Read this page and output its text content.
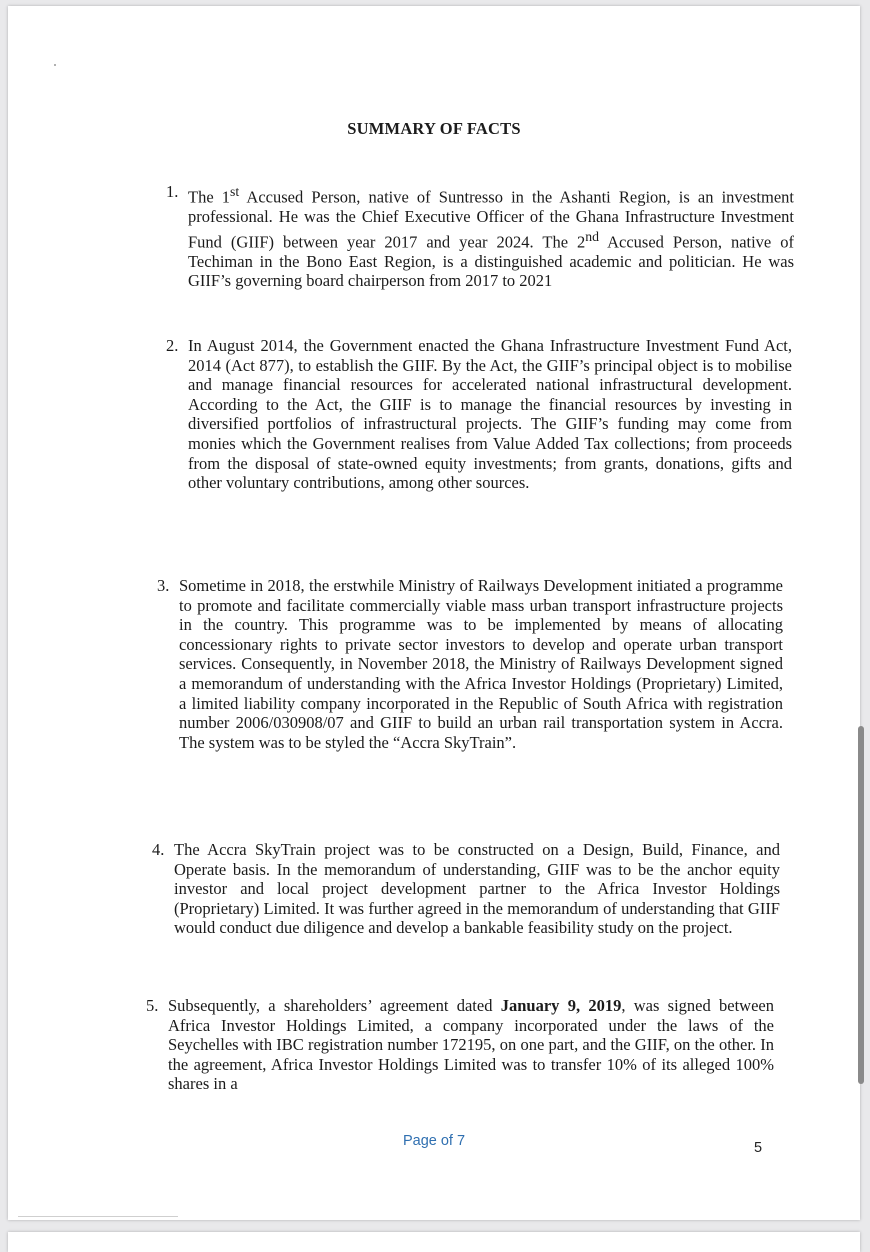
SUMMARY OF FACTS
1. The 1st Accused Person, native of Suntresso in the Ashanti Region, is an investment professional. He was the Chief Executive Officer of the Ghana Infrastructure Investment Fund (GIIF) between year 2017 and year 2024. The 2nd Accused Person, native of Techiman in the Bono East Region, is a distinguished academic and politician. He was GIIF’s governing board chairperson from 2017 to 2021
2. In August 2014, the Government enacted the Ghana Infrastructure Investment Fund Act, 2014 (Act 877), to establish the GIIF. By the Act, the GIIF’s principal object is to mobilise and manage financial resources for accelerated national infrastructural development. According to the Act, the GIIF is to manage the financial resources by investing in diversified portfolios of infrastructural projects. The GIIF’s funding may come from monies which the Government realises from Value Added Tax collections; from proceeds from the disposal of state-owned equity investments; from grants, donations, gifts and other voluntary contributions, among other sources.
3. Sometime in 2018, the erstwhile Ministry of Railways Development initiated a programme to promote and facilitate commercially viable mass urban transport infrastructure projects in the country. This programme was to be implemented by means of allocating concessionary rights to private sector investors to develop and operate urban transport services. Consequently, in November 2018, the Ministry of Railways Development signed a memorandum of understanding with the Africa Investor Holdings (Proprietary) Limited, a limited liability company incorporated in the Republic of South Africa with registration number 2006/030908/07 and GIIF to build an urban rail transportation system in Accra. The system was to be styled the “Accra SkyTrain”.
4. The Accra SkyTrain project was to be constructed on a Design, Build, Finance, and Operate basis. In the memorandum of understanding, GIIF was to be the anchor equity investor and local project development partner to the Africa Investor Holdings (Proprietary) Limited. It was further agreed in the memorandum of understanding that GIIF would conduct due diligence and develop a bankable feasibility study on the project.
5. Subsequently, a shareholders’ agreement dated January 9, 2019, was signed between Africa Investor Holdings Limited, a company incorporated under the laws of the Seychelles with IBC registration number 172195, on one part, and the GIIF, on the other. In the agreement, Africa Investor Holdings Limited was to transfer 10% of its alleged 100% shares in a
Page of 7	5
